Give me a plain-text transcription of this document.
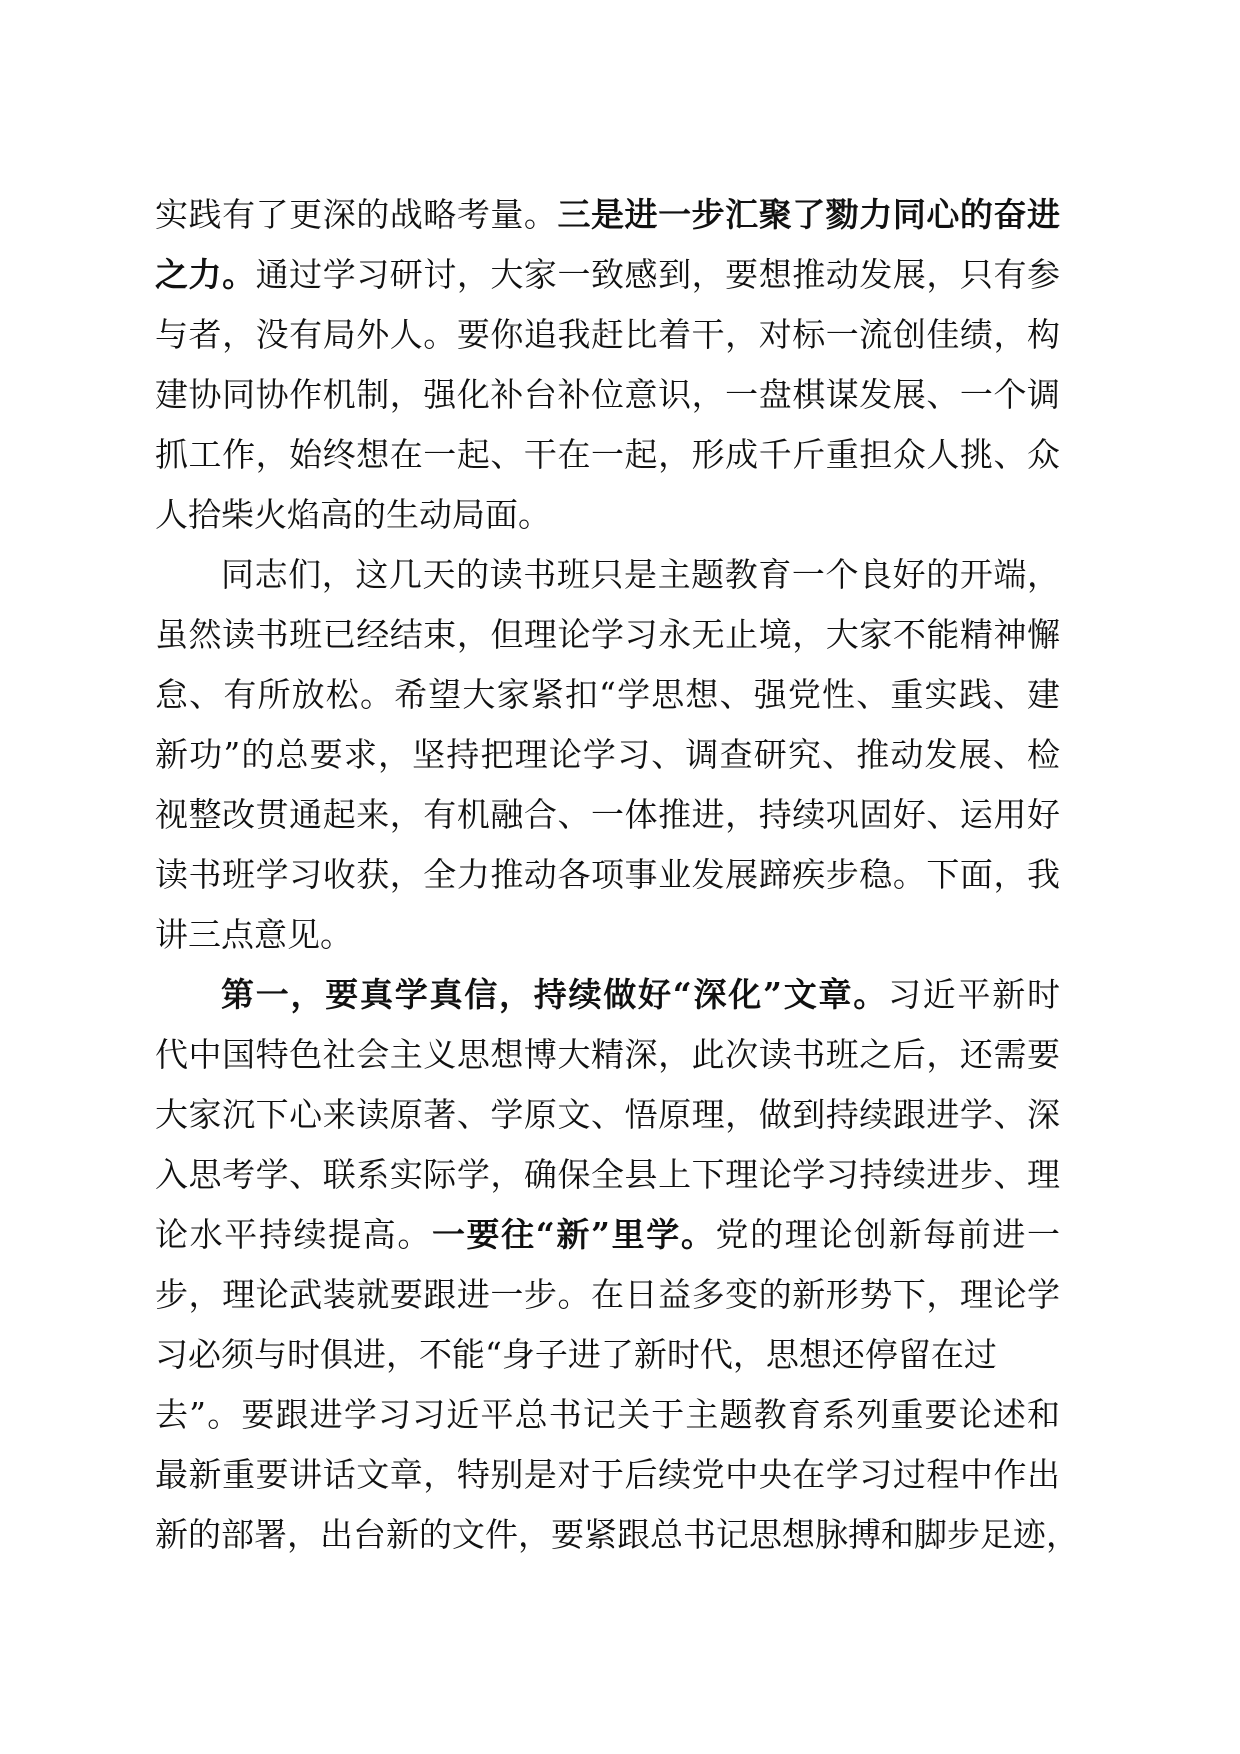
实践有了更深的战略考量。三是进一步汇聚了勠力同心的奋进
之力。通过学习研讨，大家一致感到，要想推动发展，只有参
与者，没有局外人。要你追我赶比着干，对标一流创佳绩，构
建协同协作机制，强化补台补位意识，一盘棋谋发展、一个调
抓工作，始终想在一起、干在一起，形成千斤重担众人挑、众
人拾柴火焰高的生动局面。
同志们，这几天的读书班只是主题教育一个良好的开端，
虽然读书班已经结束，但理论学习永无止境，大家不能精神懈
怠、有所放松。希望大家紧扣“学思想、强党性、重实践、建
新功”的总要求，坚持把理论学习、调查研究、推动发展、检
视整改贯通起来，有机融合、一体推进，持续巩固好、运用好
读书班学习收获，全力推动各项事业发展蹄疾步稳。下面，我
讲三点意见。
第一，要真学真信，持续做好“深化”文章。习近平新时
代中国特色社会主义思想博大精深，此次读书班之后，还需要
大家沉下心来读原著、学原文、悟原理，做到持续跟进学、深
入思考学、联系实际学，确保全县上下理论学习持续进步、理
论水平持续提高。一要往“新”里学。党的理论创新每前进一
步，理论武装就要跟进一步。在日益多变的新形势下，理论学
习必须与时俱进，不能“身子进了新时代，思想还停留在过
去”。要跟进学习习近平总书记关于主题教育系列重要论述和
最新重要讲话文章，特别是对于后续党中央在学习过程中作出
新的部署，出台新的文件，要紧跟总书记思想脉搏和脚步足迹，
